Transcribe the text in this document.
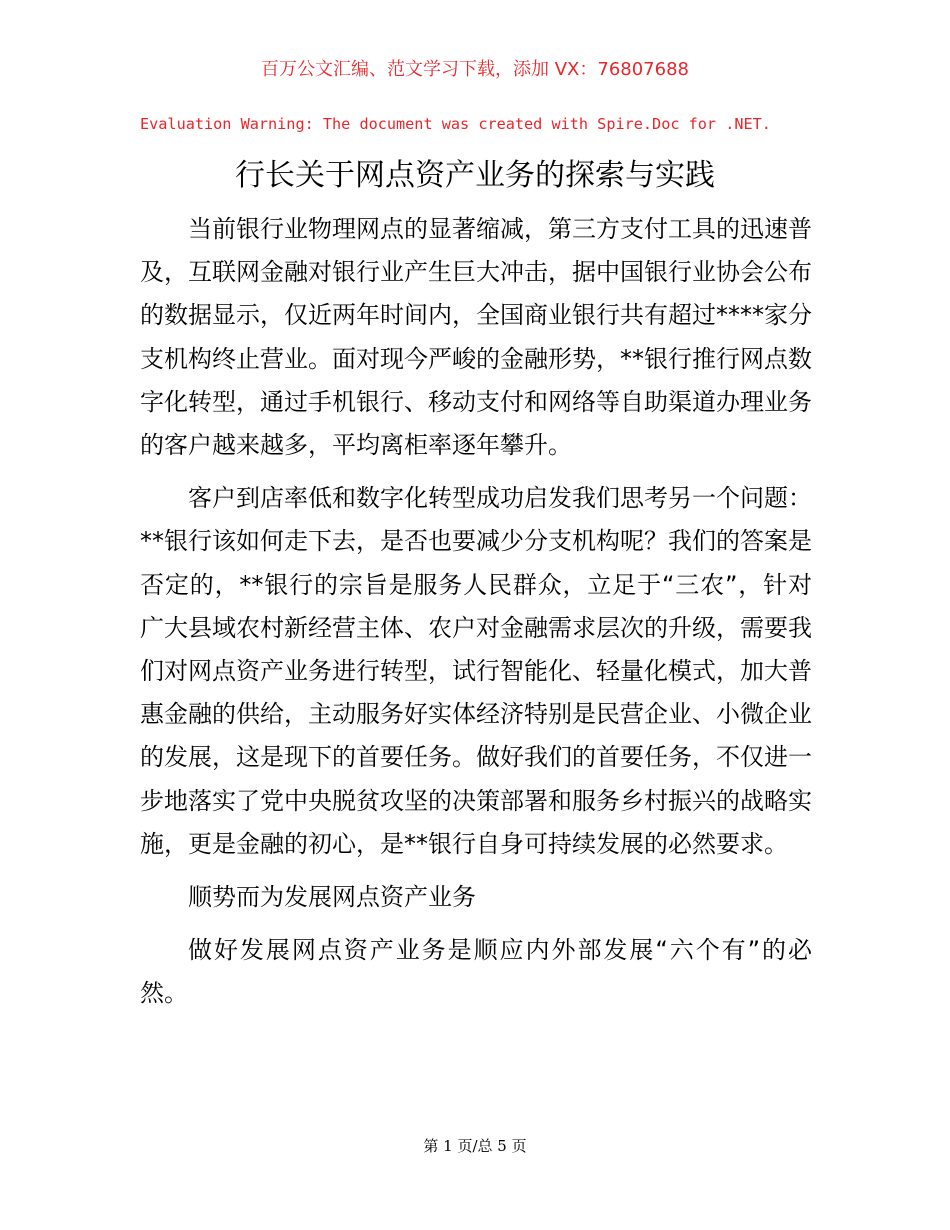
百万公文汇编、范文学习下载，添加 VX：76807688
Evaluation Warning: The document was created with Spire.Doc for .NET.
行长关于网点资产业务的探索与实践

当前银行业物理网点的显著缩减，第三方支付工具的迅速普及，互联网金融对银行业产生巨大冲击，据中国银行业协会公布的数据显示，仅近两年时间内，全国商业银行共有超过****家分支机构终止营业。面对现今严峻的金融形势，**银行推行网点数字化转型，通过手机银行、移动支付和网络等自助渠道办理业务的客户越来越多，平均离柜率逐年攀升。

客户到店率低和数字化转型成功启发我们思考另一个问题：**银行该如何走下去，是否也要减少分支机构呢？我们的答案是否定的，**银行的宗旨是服务人民群众，立足于“三农”，针对广大县域农村新经营主体、农户对金融需求层次的升级，需要我们对网点资产业务进行转型，试行智能化、轻量化模式，加大普惠金融的供给，主动服务好实体经济特别是民营企业、小微企业的发展，这是现下的首要任务。做好我们的首要任务，不仅进一步地落实了党中央脱贫攻坚的决策部署和服务乡村振兴的战略实施，更是金融的初心，是**银行自身可持续发展的必然要求。

顺势而为发展网点资产业务

做好发展网点资产业务是顺应内外部发展“六个有”的必然。

第 1 页/总 5 页
